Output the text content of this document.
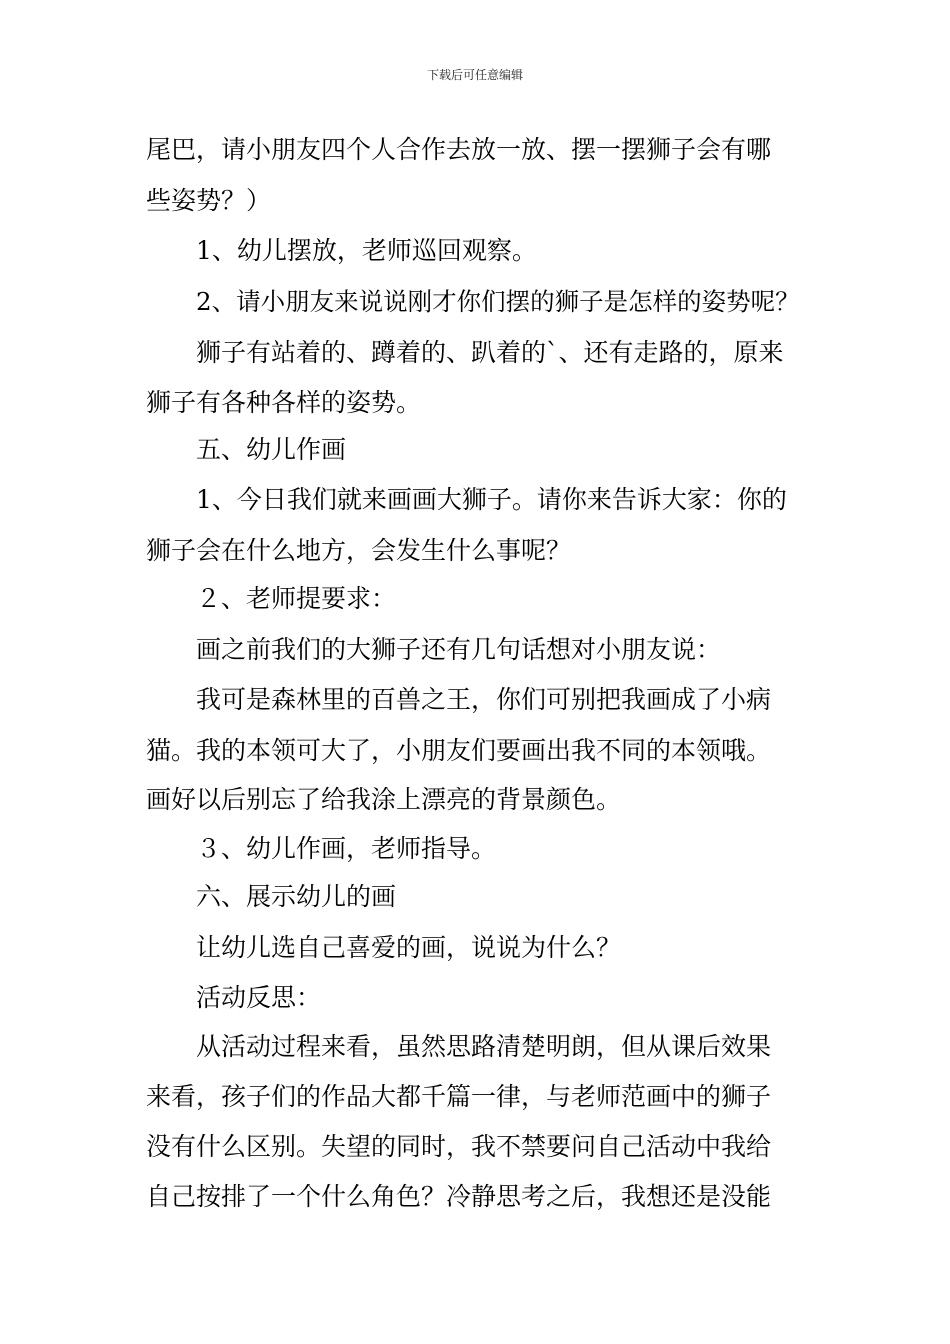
下载后可任意编辑
尾巴，请小朋友四个人合作去放一放、摆一摆狮子会有哪
些姿势？）
1、幼儿摆放，老师巡回观察。
2、请小朋友来说说刚才你们摆的狮子是怎样的姿势呢？
狮子有站着的、蹲着的、趴着的`、还有走路的，原来
狮子有各种各样的姿势。
五、幼儿作画
1、今日我们就来画画大狮子。请你来告诉大家：你的
狮子会在什么地方，会发生什么事呢？
２、老师提要求：
画之前我们的大狮子还有几句话想对小朋友说：
我可是森林里的百兽之王，你们可别把我画成了小病
猫。我的本领可大了，小朋友们要画出我不同的本领哦。
画好以后别忘了给我涂上漂亮的背景颜色。
３、幼儿作画，老师指导。
六、展示幼儿的画
让幼儿选自己喜爱的画，说说为什么？
活动反思：
从活动过程来看，虽然思路清楚明朗，但从课后效果
来看，孩子们的作品大都千篇一律，与老师范画中的狮子
没有什么区别。失望的同时，我不禁要问自己活动中我给
自己按排了一个什么角色？冷静思考之后，我想还是没能
